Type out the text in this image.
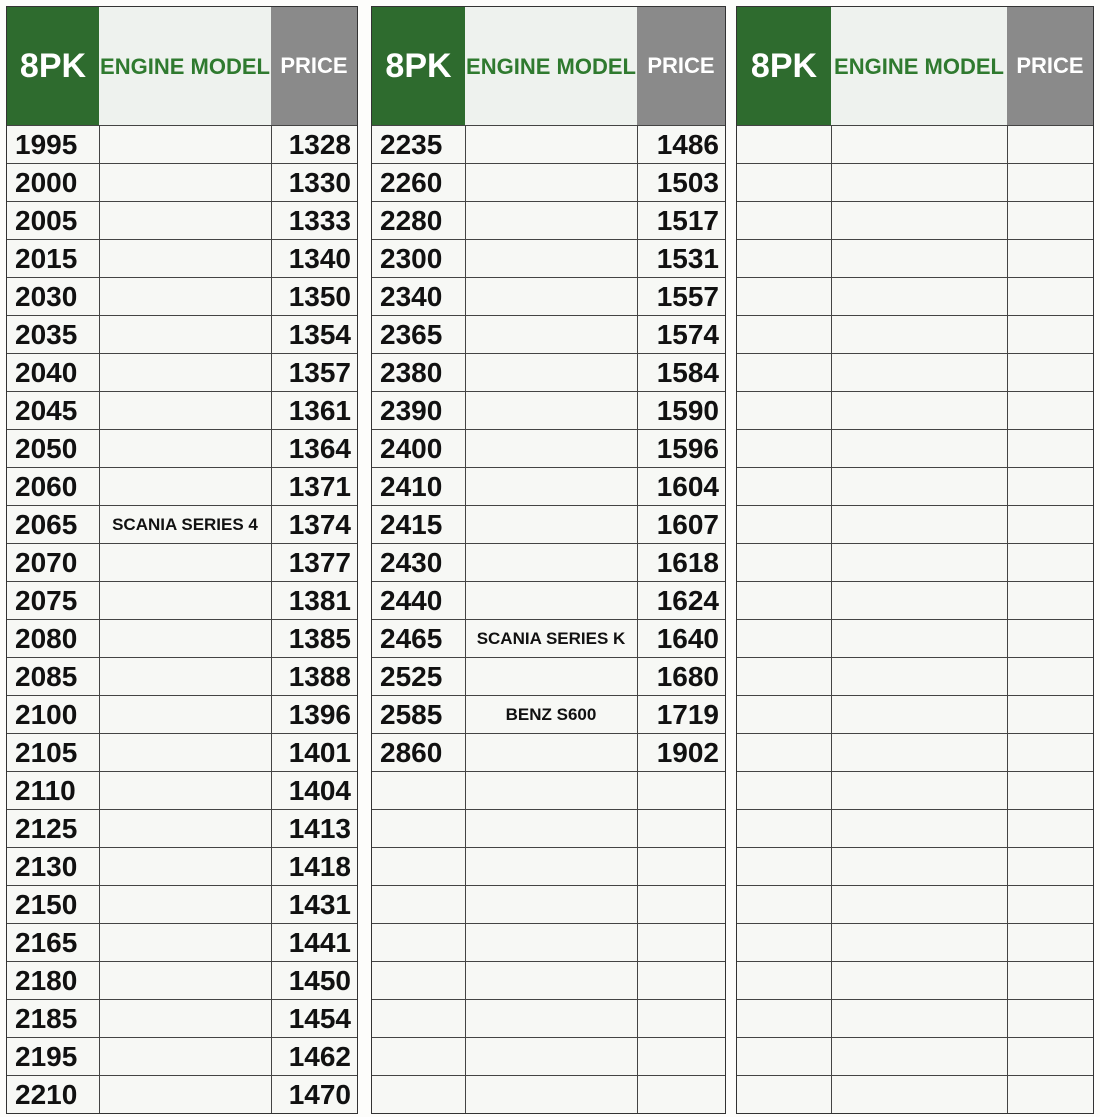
8PK	ENGINE MODEL	PRICE
1995		1328
2000		1330
2005		1333
2015		1340
2030		1350
2035		1354
2040		1357
2045		1361
2050		1364
2060		1371
2065	SCANIA SERIES 4	1374
2070		1377
2075		1381
2080		1385
2085		1388
2100		1396
2105		1401
2110		1404
2125		1413
2130		1418
2150		1431
2165		1441
2180		1450
2185		1454
2195		1462
2210		1470
8PK	ENGINE MODEL	PRICE
2235		1486
2260		1503
2280		1517
2300		1531
2340		1557
2365		1574
2380		1584
2390		1590
2400		1596
2410		1604
2415		1607
2430		1618
2440		1624
2465	SCANIA SERIES K	1640
2525		1680
2585	BENZ S600	1719
2860		1902

8PK	ENGINE MODEL	PRICE
